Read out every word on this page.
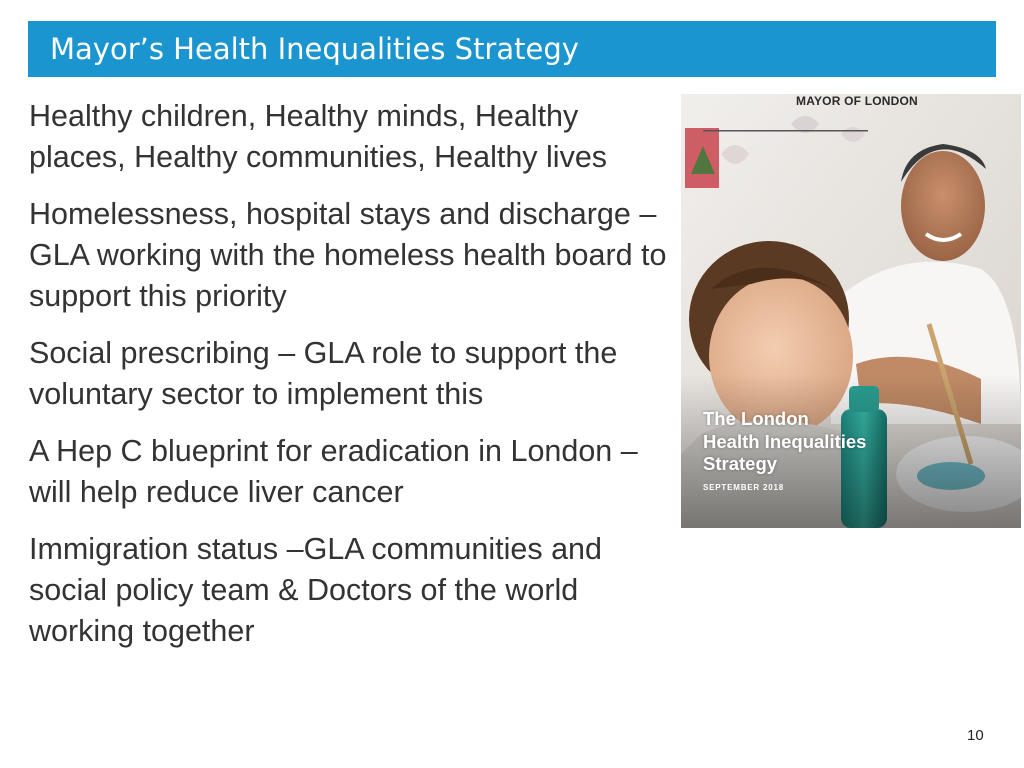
Mayor’s Health Inequalities Strategy
Healthy children, Healthy minds, Healthy places, Healthy communities, Healthy lives
Homelessness, hospital stays and discharge – GLA working with the homeless health board to support this priority
Social prescribing – GLA role to support the voluntary sector to implement this
A Hep C blueprint for eradication in London – will help reduce liver cancer
Immigration status –GLA communities and social policy team & Doctors of the world working together
MAYOR OF LONDON
The London
Health Inequalities
Strategy
SEPTEMBER 2018
10
